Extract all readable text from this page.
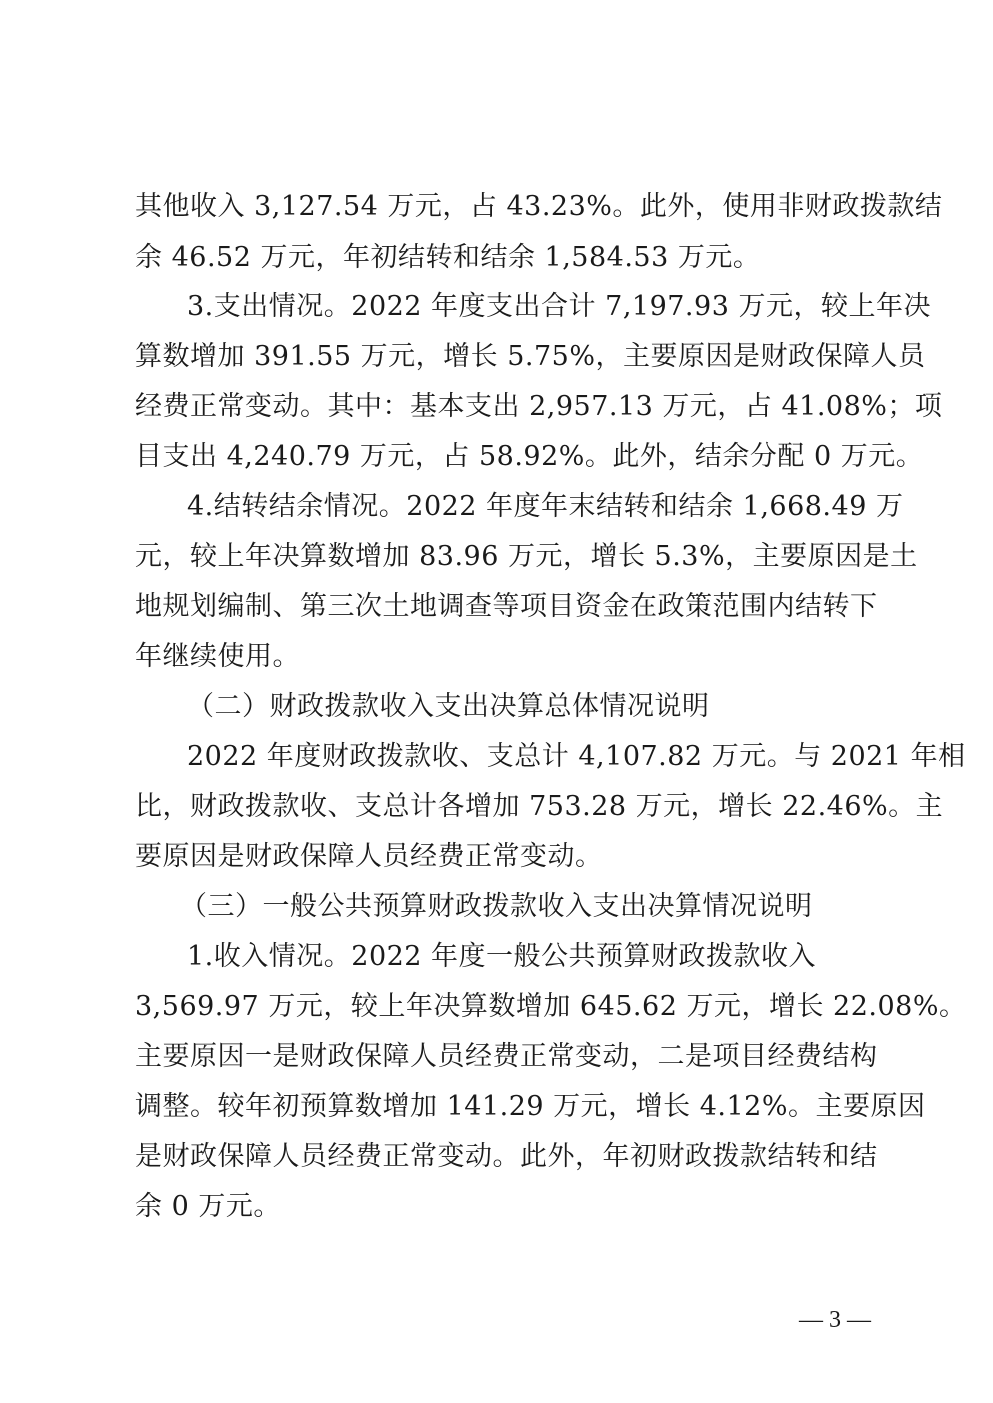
其他收入 3,127.54 万元，占 43.23%。此外，使用非财政拨款结
余 46.52 万元，年初结转和结余 1,584.53 万元。
3.支出情况。2022 年度支出合计 7,197.93 万元，较上年决
算数增加 391.55 万元，增长 5.75%，主要原因是财政保障人员
经费正常变动。其中：基本支出 2,957.13 万元，占 41.08%；项
目支出 4,240.79 万元，占 58.92%。此外，结余分配 0 万元。
4.结转结余情况。2022 年度年末结转和结余 1,668.49 万
元，较上年决算数增加 83.96 万元，增长 5.3%，主要原因是土
地规划编制、第三次土地调查等项目资金在政策范围内结转下
年继续使用。
（二）财政拨款收入支出决算总体情况说明
2022 年度财政拨款收、支总计 4,107.82 万元。与 2021 年相
比，财政拨款收、支总计各增加 753.28 万元，增长 22.46%。主
要原因是财政保障人员经费正常变动。
（三）一般公共预算财政拨款收入支出决算情况说明
1.收入情况。2022 年度一般公共预算财政拨款收入
3,569.97 万元，较上年决算数增加 645.62 万元，增长 22.08%。
主要原因一是财政保障人员经费正常变动，二是项目经费结构
调整。较年初预算数增加 141.29 万元，增长 4.12%。主要原因
是财政保障人员经费正常变动。此外，年初财政拨款结转和结
余 0 万元。
— 3 —
